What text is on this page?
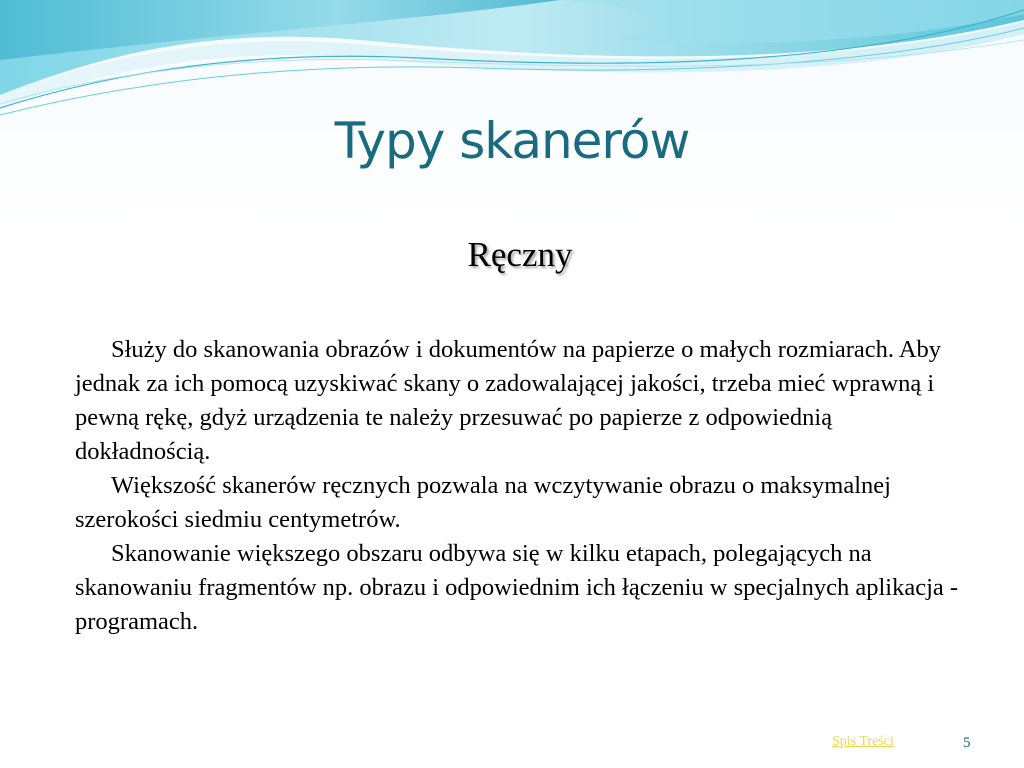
Typy skanerów
Ręczny

Służy do skanowania obrazów i dokumentów na papierze o małych rozmiarach. Aby jednak za ich pomocą uzyskiwać skany o zadowalającej jakości, trzeba mieć wprawną i pewną rękę, gdyż urządzenia te należy przesuwać po papierze z odpowiednią dokładnością.

Większość skanerów ręcznych pozwala na wczytywanie obrazu o maksymalnej szerokości siedmiu centymetrów.

Skanowanie większego obszaru odbywa się w kilku etapach, polegających na skanowaniu fragmentów np. obrazu i odpowiednim ich łączeniu w specjalnych aplikacja - programach.

Spis Treści	5
